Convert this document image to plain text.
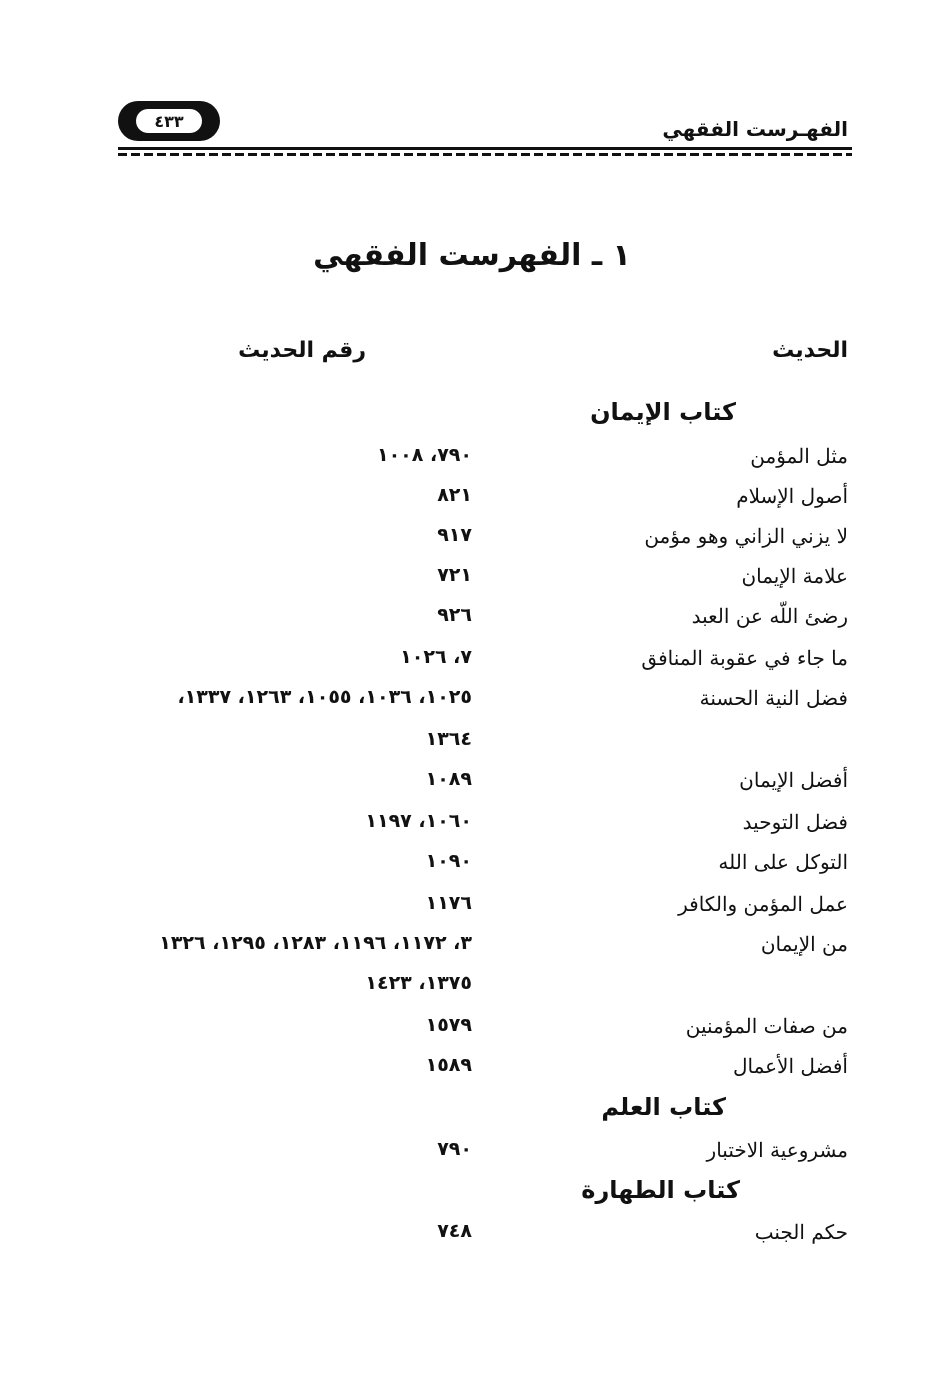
الفهـرست الفقهي
٤٣٣
١ ـ الفهرست الفقهي
الحديث
رقم الحديث
كتاب الإيمان
كتاب العلم
كتاب الطهارة
مثل المؤمن
٧٩٠، ١٠٠٨
أصول الإسلام
٨٢١
لا يزني الزاني وهو مؤمن
٩١٧
علامة الإيمان
٧٢١
رضئ اللّه عن العبد
٩٢٦
ما جاء في عقوبة المنافق
٧، ١٠٢٦
فضل النية الحسنة
١٠٢٥، ١٠٣٦، ١٠٥٥، ١٢٦٣، ١٣٣٧،
١٣٦٤
أفضل الإيمان
١٠٨٩
فضل التوحيد
١٠٦٠، ١١٩٧
التوكل على الله
١٠٩٠
عمل المؤمن والكافر
١١٧٦
من الإيمان
٣، ١١٧٢، ١١٩٦، ١٢٨٣، ١٢٩٥، ١٣٢٦
١٣٧٥، ١٤٢٣
من صفات المؤمنين
١٥٧٩
أفضل الأعمال
١٥٨٩
مشروعية الاختبار
٧٩٠
حكم الجنب
٧٤٨
